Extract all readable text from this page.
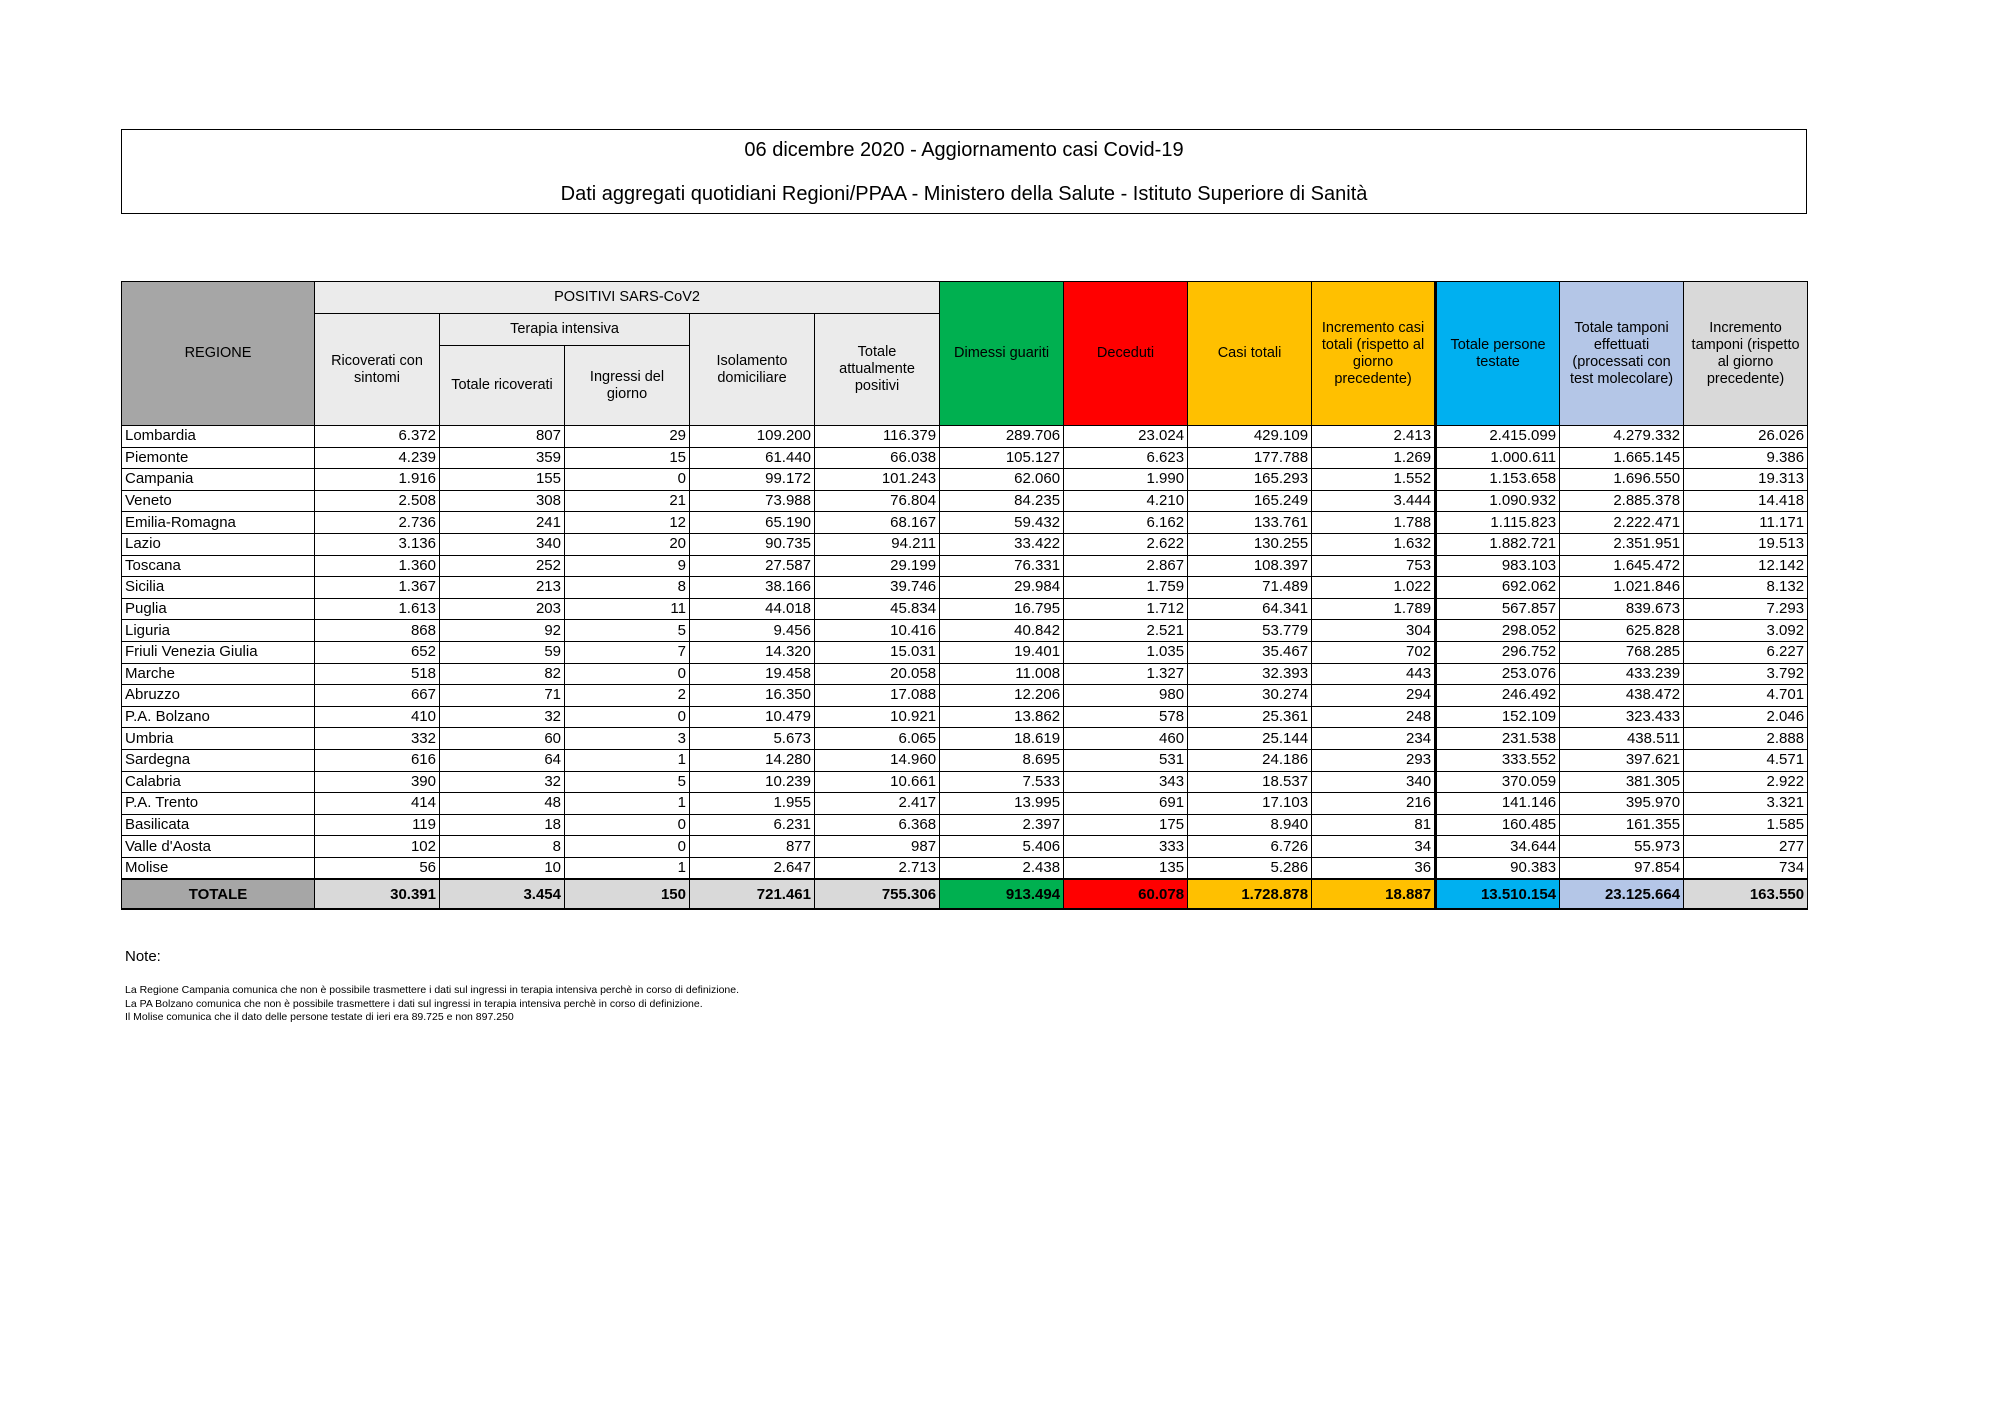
06 dicembre 2020 - Aggiornamento casi Covid-19
Dati aggregati quotidiani Regioni/PPAA - Ministero della Salute - Istituto Superiore di Sanità
REGIONE	POSITIVI SARS-CoV2					Dimessi guariti	Deceduti	Casi totali	Incremento casi totali (rispetto al giorno precedente)	Totale persone testate	Totale tamponi effettuati (processati con test molecolare)	Incremento tamponi (rispetto al giorno precedente)
	Ricoverati con sintomi	Terapia intensiva		Isolamento domiciliare	Totale attualmente positivi							
		Totale ricoverati	Ingressi del giorno									
Lombardia	6.372	807	29	109.200	116.379	289.706	23.024	429.109	2.413	2.415.099	4.279.332	26.026
Piemonte	4.239	359	15	61.440	66.038	105.127	6.623	177.788	1.269	1.000.611	1.665.145	9.386
Campania	1.916	155	0	99.172	101.243	62.060	1.990	165.293	1.552	1.153.658	1.696.550	19.313
Veneto	2.508	308	21	73.988	76.804	84.235	4.210	165.249	3.444	1.090.932	2.885.378	14.418
Emilia-Romagna	2.736	241	12	65.190	68.167	59.432	6.162	133.761	1.788	1.115.823	2.222.471	11.171
Lazio	3.136	340	20	90.735	94.211	33.422	2.622	130.255	1.632	1.882.721	2.351.951	19.513
Toscana	1.360	252	9	27.587	29.199	76.331	2.867	108.397	753	983.103	1.645.472	12.142
Sicilia	1.367	213	8	38.166	39.746	29.984	1.759	71.489	1.022	692.062	1.021.846	8.132
Puglia	1.613	203	11	44.018	45.834	16.795	1.712	64.341	1.789	567.857	839.673	7.293
Liguria	868	92	5	9.456	10.416	40.842	2.521	53.779	304	298.052	625.828	3.092
Friuli Venezia Giulia	652	59	7	14.320	15.031	19.401	1.035	35.467	702	296.752	768.285	6.227
Marche	518	82	0	19.458	20.058	11.008	1.327	32.393	443	253.076	433.239	3.792
Abruzzo	667	71	2	16.350	17.088	12.206	980	30.274	294	246.492	438.472	4.701
P.A. Bolzano	410	32	0	10.479	10.921	13.862	578	25.361	248	152.109	323.433	2.046
Umbria	332	60	3	5.673	6.065	18.619	460	25.144	234	231.538	438.511	2.888
Sardegna	616	64	1	14.280	14.960	8.695	531	24.186	293	333.552	397.621	4.571
Calabria	390	32	5	10.239	10.661	7.533	343	18.537	340	370.059	381.305	2.922
P.A. Trento	414	48	1	1.955	2.417	13.995	691	17.103	216	141.146	395.970	3.321
Basilicata	119	18	0	6.231	6.368	2.397	175	8.940	81	160.485	161.355	1.585
Valle d'Aosta	102	8	0	877	987	5.406	333	6.726	34	34.644	55.973	277
Molise	56	10	1	2.647	2.713	2.438	135	5.286	36	90.383	97.854	734
TOTALE	30.391	3.454	150	721.461	755.306	913.494	60.078	1.728.878	18.887	13.510.154	23.125.664	163.550
Note:
La Regione Campania comunica che non è possibile trasmettere i dati sul ingressi in terapia intensiva perchè in corso di definizione.
La PA Bolzano comunica che non è possibile trasmettere i dati sul ingressi in terapia intensiva perchè in corso di definizione.
Il Molise comunica che il dato delle persone testate di ieri era 89.725 e non 897.250
